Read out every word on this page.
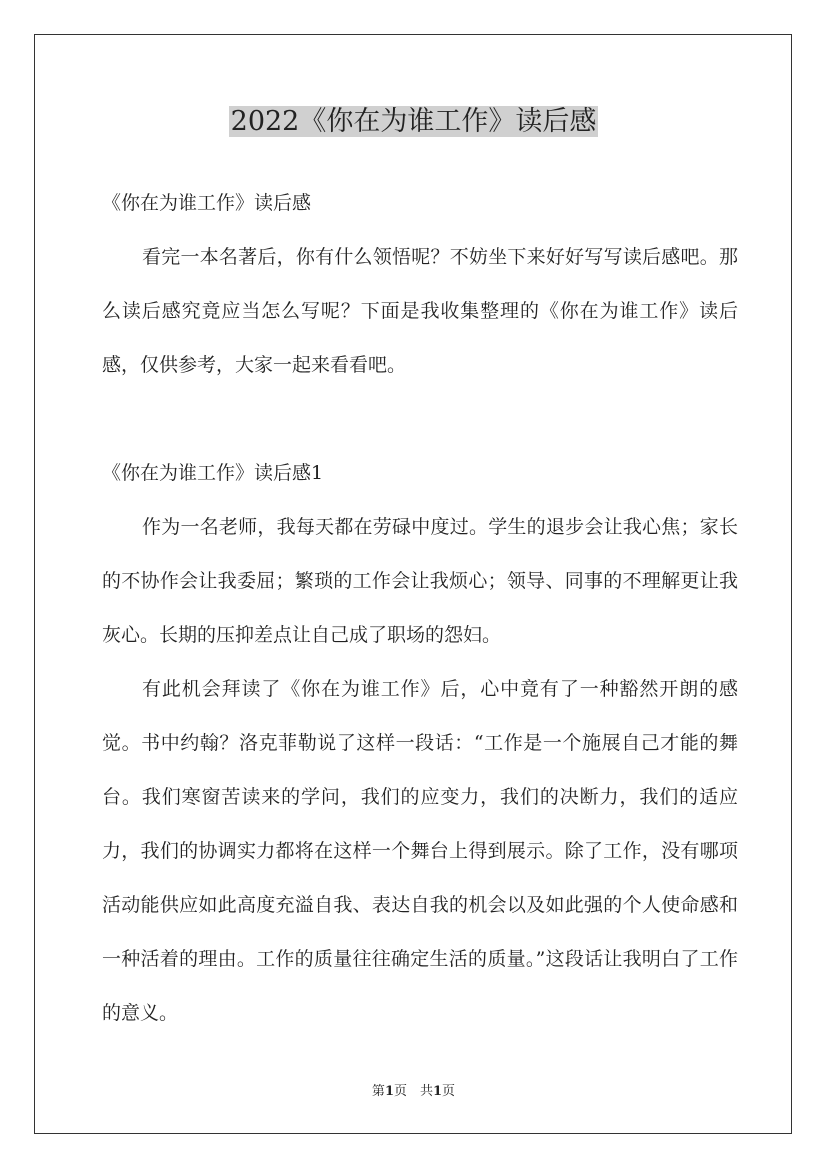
2022《你在为谁工作》读后感

《你在为谁工作》读后感

看完一本名著后，你有什么领悟呢？不妨坐下来好好写写读后感吧。那么读后感究竟应当怎么写呢？下面是我收集整理的《你在为谁工作》读后感，仅供参考，大家一起来看看吧。

《你在为谁工作》读后感1

作为一名老师，我每天都在劳碌中度过。学生的退步会让我心焦；家长的不协作会让我委屈；繁琐的工作会让我烦心；领导、同事的不理解更让我灰心。长期的压抑差点让自己成了职场的怨妇。

有此机会拜读了《你在为谁工作》后，心中竟有了一种豁然开朗的感觉。书中约翰？洛克菲勒说了这样一段话：“工作是一个施展自己才能的舞台。我们寒窗苦读来的学问，我们的应变力，我们的决断力，我们的适应力，我们的协调实力都将在这样一个舞台上得到展示。除了工作，没有哪项活动能供应如此高度充溢自我、表达自我的机会以及如此强的个人使命感和一种活着的理由。工作的质量往往确定生活的质量。”这段话让我明白了工作的意义。

第1页　共1页
